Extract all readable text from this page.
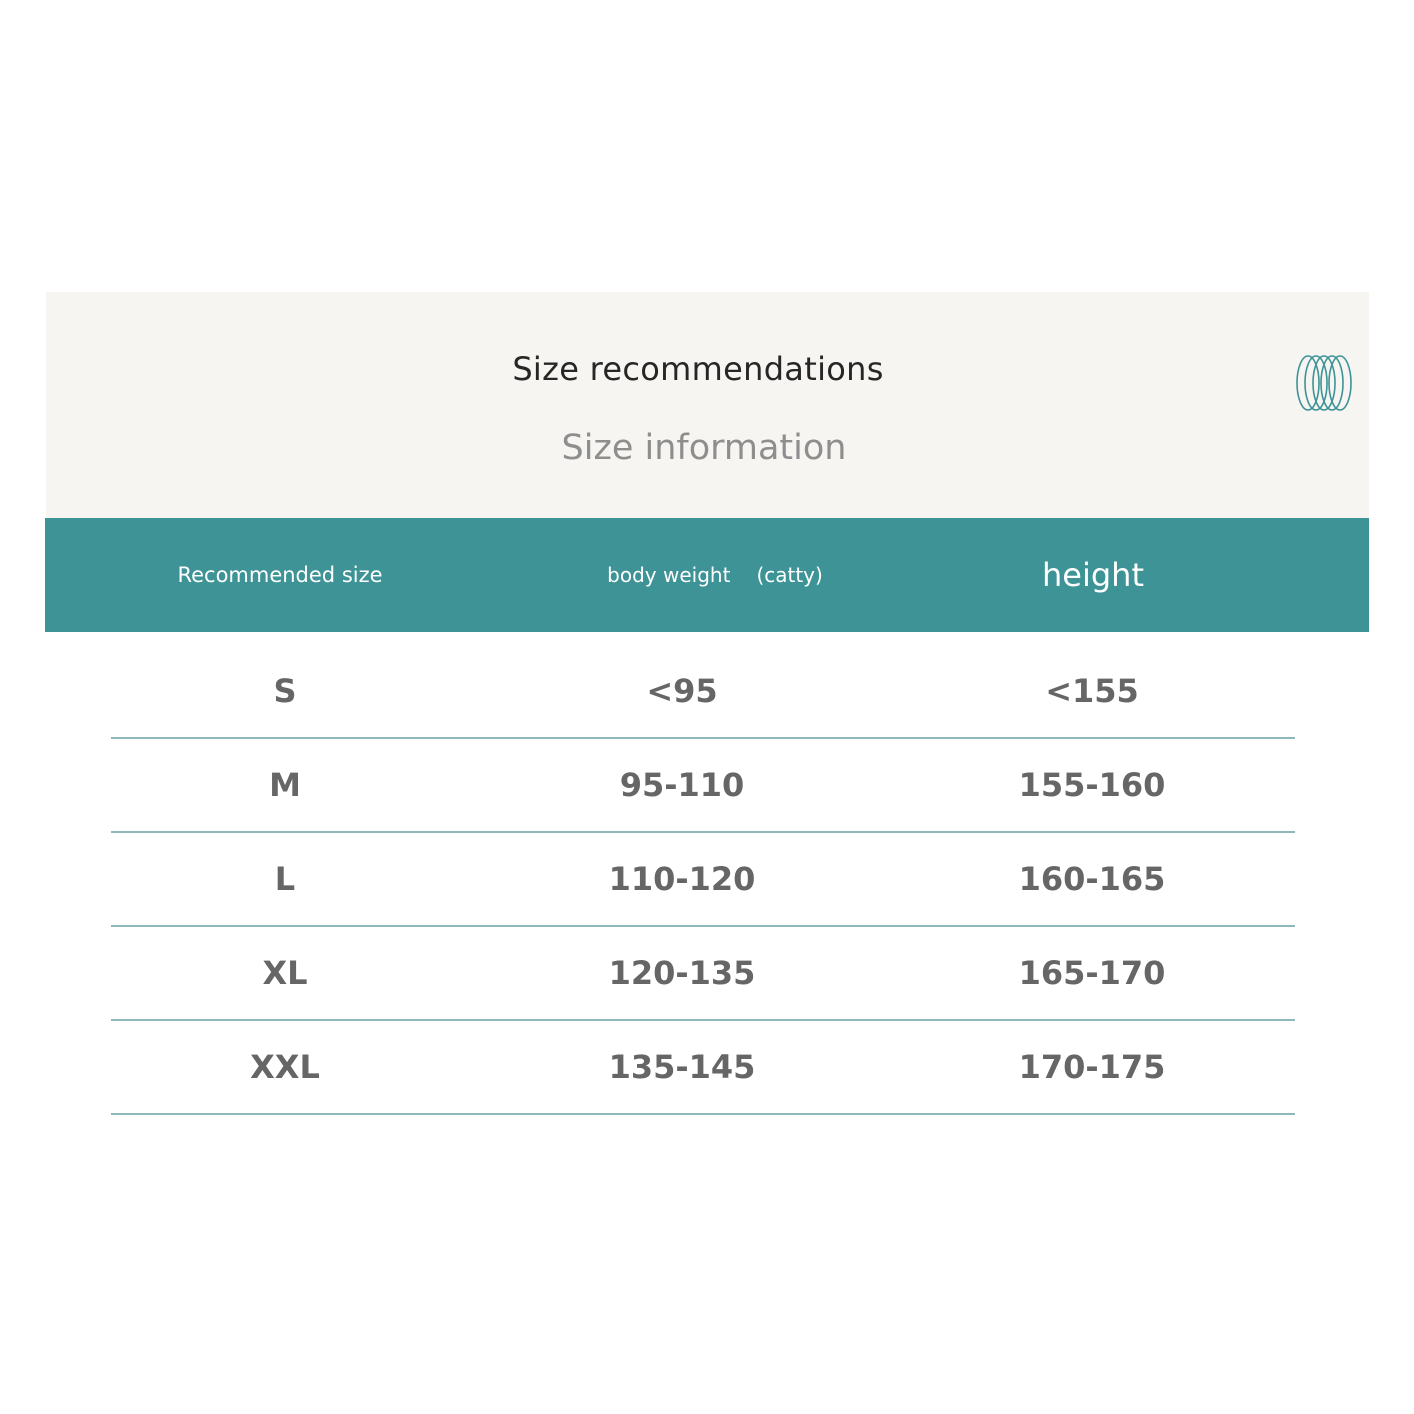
Size recommendations
Size information
Recommended size	body weight (catty)	height
S	<95	<155
M	95-110	155-160
L	110-120	160-165
XL	120-135	165-170
XXL	135-145	170-175
